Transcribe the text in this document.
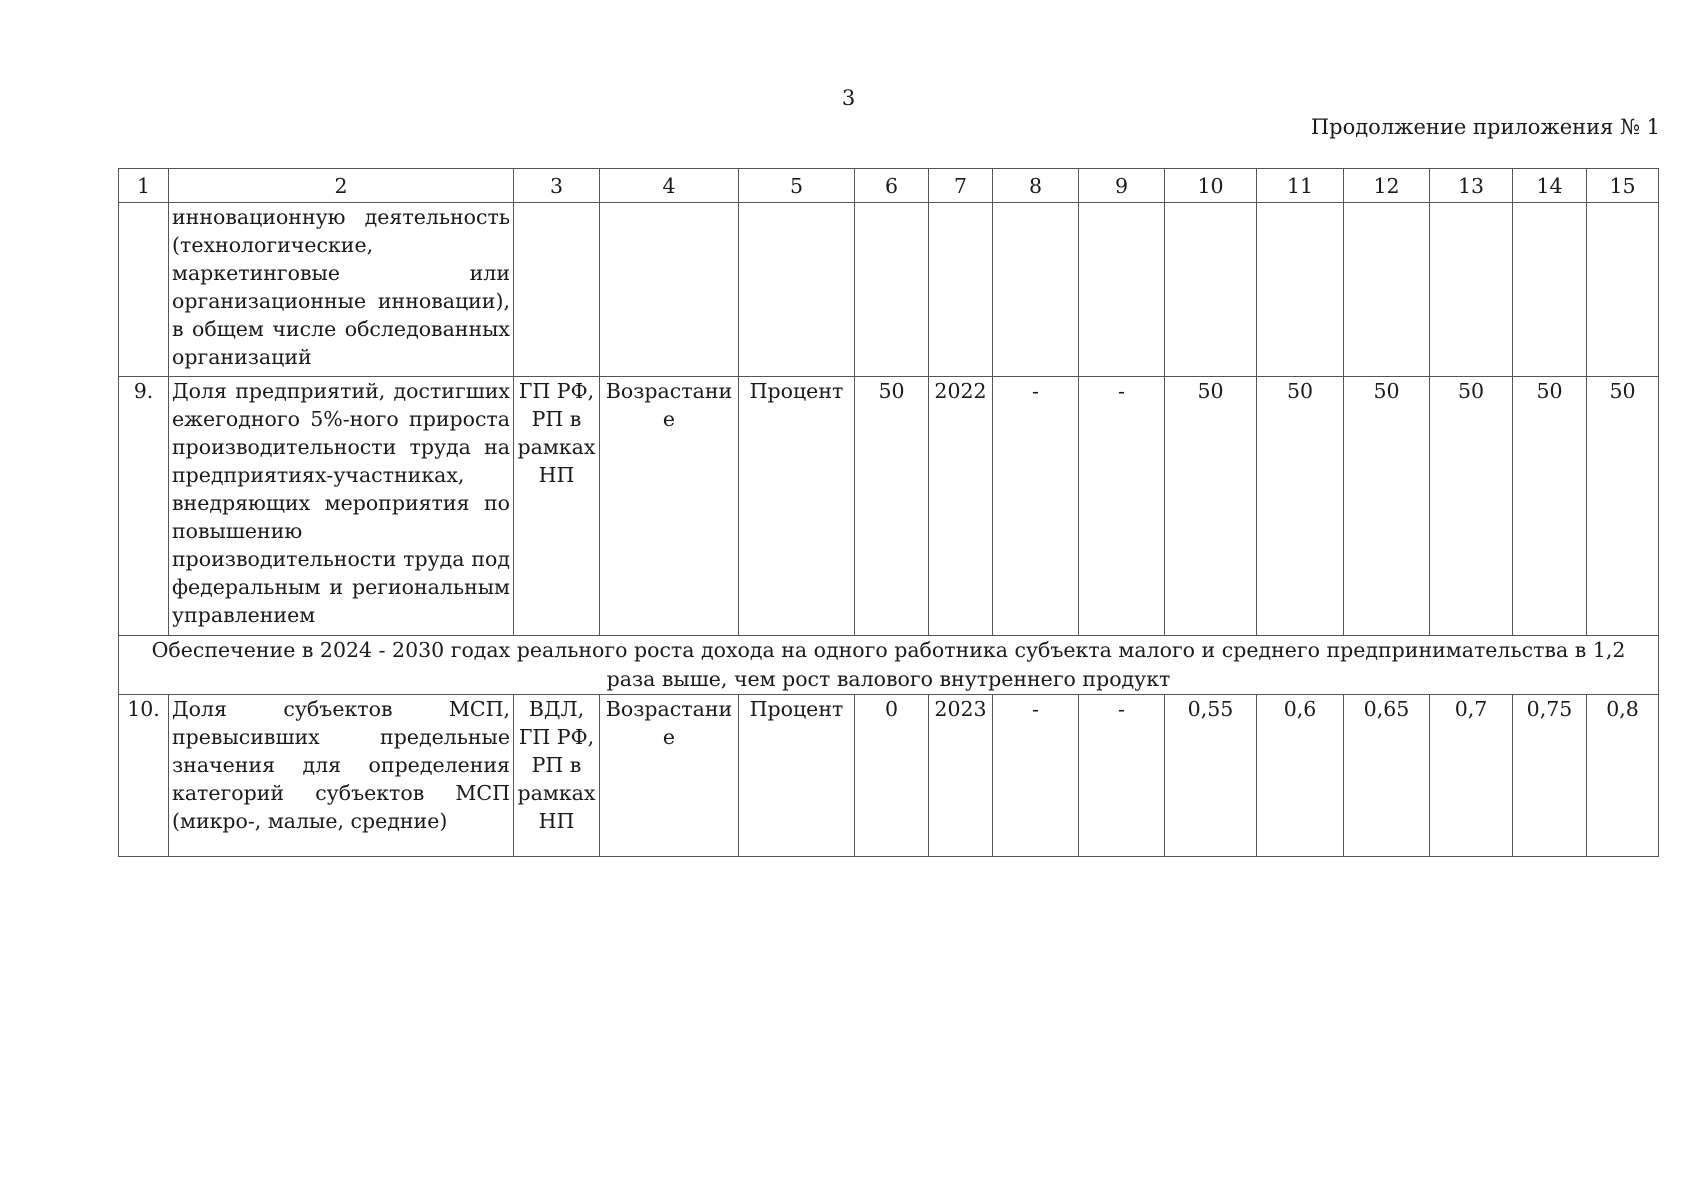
3
Продолжение приложения № 1
1	2	3	4	5	6	7	8	9	10	11	12	13	14	15
	инновационную деятельность (технологические, маркетинговые или организационные инновации), в общем числе обследованных организаций													
9.	Доля предприятий, достигших ежегодного 5%-ного прироста производительности труда на предприятиях-участниках, внедряющих мероприятия по повышению производительности труда под федеральным и региональным управлением	ГП РФ, РП в рамках НП	Возрастание	Процент	50	2022	-	-	50	50	50	50	50	50
Обеспечение в 2024 - 2030 годах реального роста дохода на одного работника субъекта малого и среднего предпринимательства в 1,2 раза выше, чем рост валового внутреннего продукт														
10.	Доля субъектов МСП, превысивших предельные значения для определения категорий субъектов МСП (микро-, малые, средние)	ВДЛ, ГП РФ, РП в рамках НП	Возрастание	Процент	0	2023	-	-	0,55	0,6	0,65	0,7	0,75	0,8
